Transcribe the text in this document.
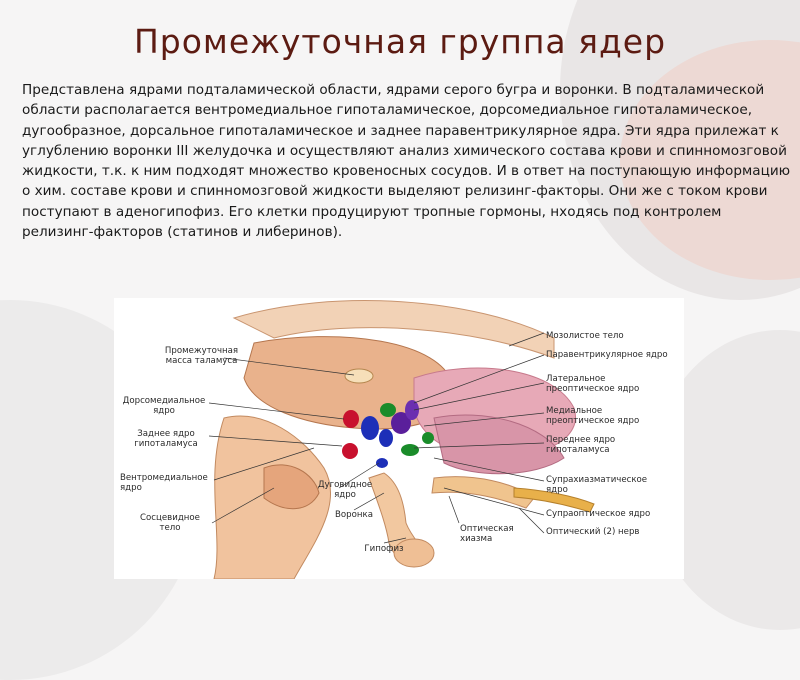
Промежуточная группа ядер

Представлена ядрами подталамической области, ядрами серого бугра и воронки. В подталамической области располагается вентромедиальное гипоталамическое, дорсомедиальное гипоталамическое, дугообразное, дорсальное гипоталамическое и заднее паравентрикулярное ядра. Эти ядра прилежат к углублению воронки III желудочка и осуществляют анализ химического состава крови и спинномозговой жидкости, т.к. к ним подходят множество кровеносных сосудов. И в ответ на поступающую информацию о хим. составе крови и спинномозговой жидкости выделяют релизинг-факторы. Они же с током крови поступают в аденогипофиз. Его клетки продуцируют тропные гормоны, нходясь под контролем релизинг-факторов (статинов и либеринов).

Промежуточная
масса таламуса
Дорсомедиальное
ядро
Заднее ядро
гипоталамуса
Вентромедиальное
ядро
Сосцевидное
тело
Дуговидное
ядро
Воронка
Гипофиз
Оптическая
хиазма
Мозолистое тело
Паравентрикулярное ядро
Латеральное
преоптическое ядро
Медиальное
преоптическое ядро
Переднее ядро
гипоталамуса
Супрахиазматическое
ядро
Супраоптическое ядро
Оптический (2) нерв
